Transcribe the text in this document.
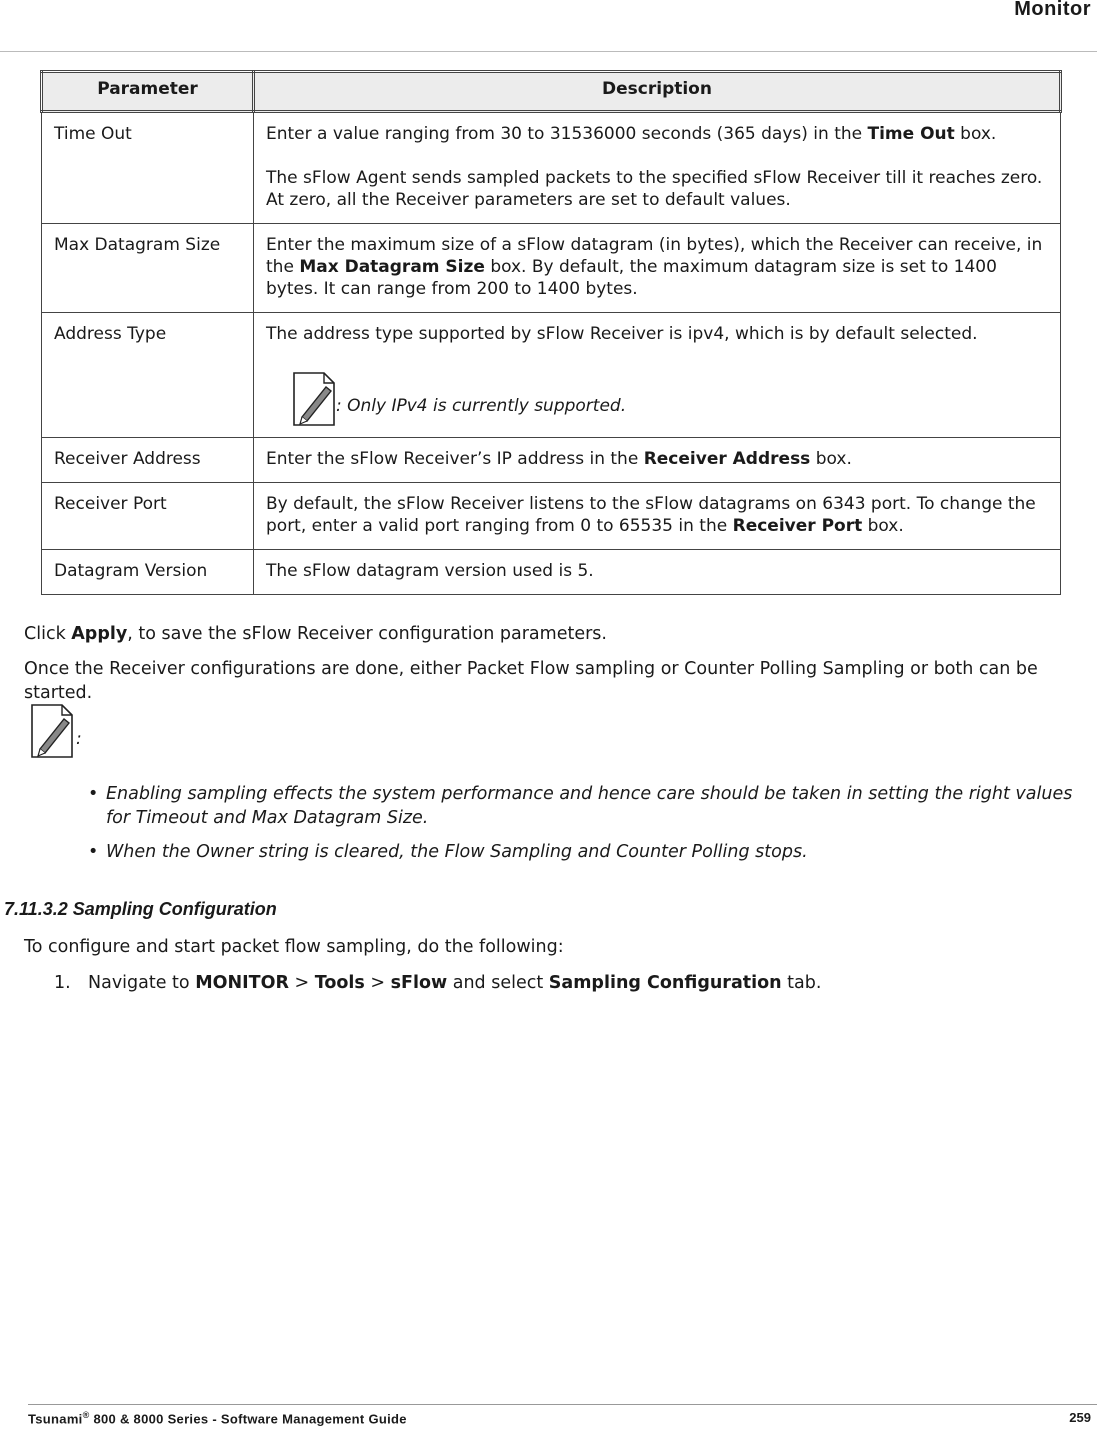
Monitor
Parameter	Description
Time Out	Enter a value ranging from 30 to 31536000 seconds (365 days) in the Time Out box.
The sFlow Agent sends sampled packets to the specified sFlow Receiver till it reaches zero. At zero, all the Receiver parameters are set to default values.

Max Datagram Size	Enter the maximum size of a sFlow datagram (in bytes), which the Receiver can receive, in the Max Datagram Size box. By default, the maximum datagram size is set to 1400 bytes. It can range from 200 to 1400 bytes.
Address Type	The address type supported by sFlow Receiver is ipv4, which is by default selected.
: Only IPv4 is currently supported.

Receiver Address	Enter the sFlow Receiver’s IP address in the Receiver Address box.
Receiver Port	By default, the sFlow Receiver listens to the sFlow datagrams on 6343 port. To change the port, enter a valid port ranging from 0 to 65535 in the Receiver Port box.
Datagram Version	The sFlow datagram version used is 5.
Click Apply, to save the sFlow Receiver configuration parameters.
Once the Receiver configurations are done, either Packet Flow sampling or Counter Polling Sampling or both can be started.
:
• Enabling sampling effects the system performance and hence care should be taken in setting the right values for Timeout and Max Datagram Size.
• When the Owner string is cleared, the Flow Sampling and Counter Polling stops.
7.11.3.2 Sampling Configuration
To configure and start packet flow sampling, do the following:
1. Navigate to MONITOR > Tools > sFlow and select Sampling Configuration tab.
Tsunami® 800 & 8000 Series - Software Management Guide	259
